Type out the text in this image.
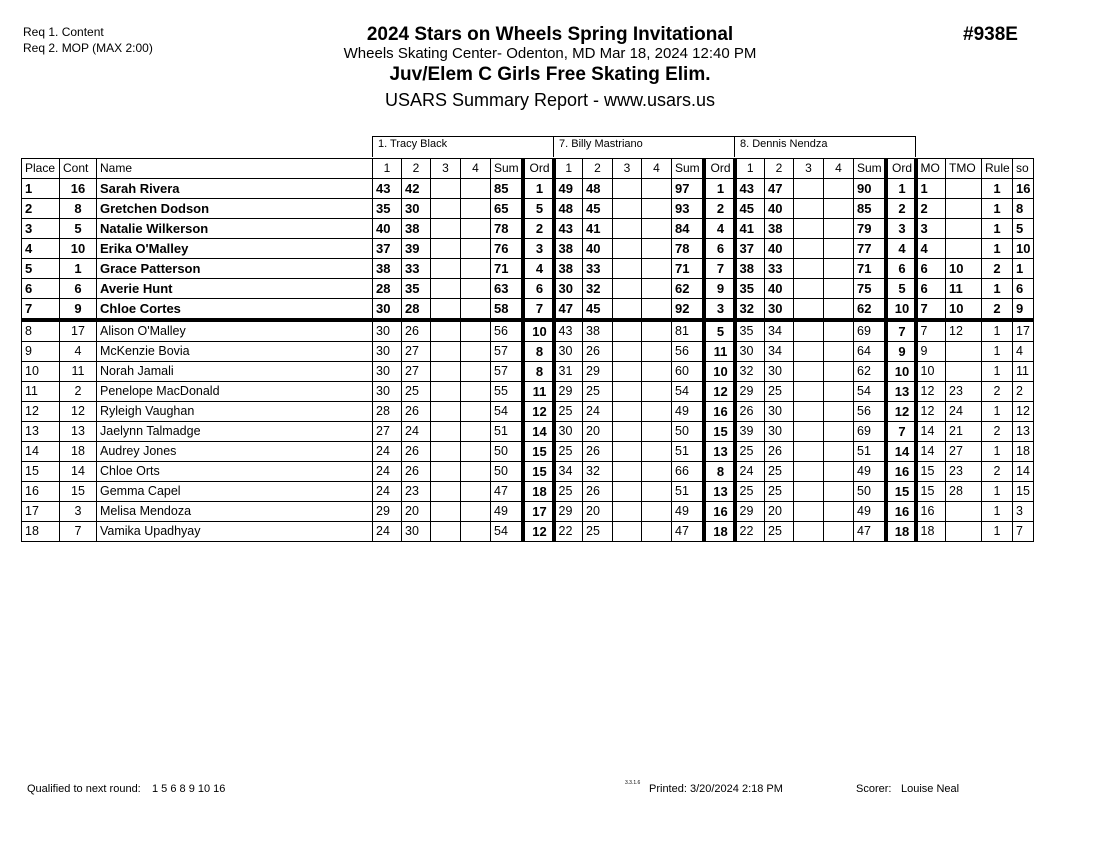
Req 1. Content
Req 2. MOP (MAX 2:00)
2024 Stars on Wheels Spring Invitational
Wheels Skating Center- Odenton, MD Mar 18, 2024 12:40 PM
Juv/Elem C Girls Free Skating Elim.
USARS Summary Report - www.usars.us
#938E
1. Tracy Black	7. Billy Mastriano	8. Dennis Nendza
Place	Cont	Name	1	2	3	4	Sum	Ord	1	2	3	4	Sum	Ord	1	2	3	4	Sum	Ord	MO	TMO	Rule	so
1	16	Sarah Rivera	43	42			85	1	49	48			97	1	43	47			90	1	1		1	16
2	8	Gretchen Dodson	35	30			65	5	48	45			93	2	45	40			85	2	2		1	8
3	5	Natalie Wilkerson	40	38			78	2	43	41			84	4	41	38			79	3	3		1	5
4	10	Erika O'Malley	37	39			76	3	38	40			78	6	37	40			77	4	4		1	10
5	1	Grace Patterson	38	33			71	4	38	33			71	7	38	33			71	6	6	10	2	1
6	6	Averie Hunt	28	35			63	6	30	32			62	9	35	40			75	5	6	11	1	6
7	9	Chloe Cortes	30	28			58	7	47	45			92	3	32	30			62	10	7	10	2	9
8	17	Alison O'Malley	30	26			56	10	43	38			81	5	35	34			69	7	7	12	1	17
9	4	McKenzie Bovia	30	27			57	8	30	26			56	11	30	34			64	9	9		1	4
10	11	Norah Jamali	30	27			57	8	31	29			60	10	32	30			62	10	10		1	11
11	2	Penelope MacDonald	30	25			55	11	29	25			54	12	29	25			54	13	12	23	2	2
12	12	Ryleigh Vaughan	28	26			54	12	25	24			49	16	26	30			56	12	12	24	1	12
13	13	Jaelynn Talmadge	27	24			51	14	30	20			50	15	39	30			69	7	14	21	2	13
14	18	Audrey Jones	24	26			50	15	25	26			51	13	25	26			51	14	14	27	1	18
15	14	Chloe Orts	24	26			50	15	34	32			66	8	24	25			49	16	15	23	2	14
16	15	Gemma Capel	24	23			47	18	25	26			51	13	25	25			50	15	15	28	1	15
17	3	Melisa Mendoza	29	20			49	17	29	20			49	16	29	20			49	16	16		1	3
18	7	Vamika Upadhyay	24	30			54	12	22	25			47	18	22	25			47	18	18		1	7
Qualified to next round: 1 5 6 8 9 10 16	3.3.1.6 Printed: 3/20/2024 2:18 PM	Scorer: Louise Neal
